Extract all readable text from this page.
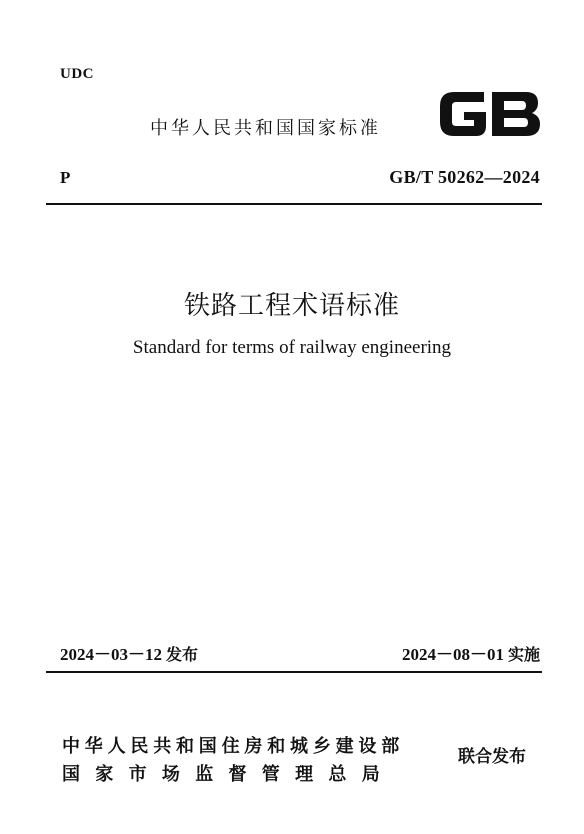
UDC
中华人民共和国国家标准
P	GB/T 50262—2024
铁路工程术语标准
Standard for terms of railway engineering
2024－03－12 发布	2024－08－01 实施
中华人民共和国住房和城乡建设部
国家市场监督管理总局
联合发布
